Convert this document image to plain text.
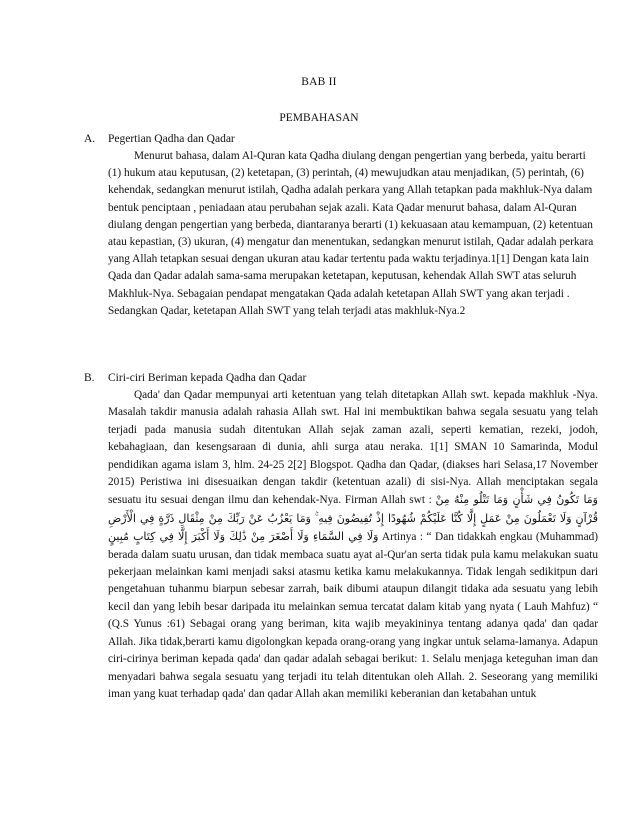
BAB II
PEMBAHASAN
A. Pegertian Qadha dan Qadar
Menurut bahasa, dalam Al-Quran kata Qadha diulang dengan pengertian yang berbeda, yaitu berarti (1) hukum atau keputusan, (2) ketetapan, (3) perintah, (4) mewujudkan atau menjadikan, (5) perintah, (6) kehendak, sedangkan menurut istilah, Qadha adalah perkara yang Allah tetapkan pada makhluk-Nya dalam bentuk penciptaan , peniadaan atau perubahan sejak azali. Kata Qadar menurut bahasa, dalam Al-Quran diulang dengan pengertian yang berbeda, diantaranya berarti (1) kekuasaan atau kemampuan, (2) ketentuan atau kepastian, (3) ukuran, (4) mengatur dan menentukan, sedangkan menurut istilah, Qadar adalah perkara yang Allah tetapkan sesuai dengan ukuran atau kadar tertentu pada waktu terjadinya.1[1] Dengan kata lain Qada dan Qadar adalah sama-sama merupakan ketetapan, keputusan, kehendak Allah SWT atas seluruh Makhluk-Nya. Sebagaian pendapat mengatakan Qada adalah ketetapan Allah SWT yang akan terjadi . Sedangkan Qadar, ketetapan Allah SWT yang telah terjadi atas makhluk-Nya.2
B. Ciri-ciri Beriman kepada Qadha dan Qadar
Qada' dan Qadar mempunyai arti ketentuan yang telah ditetapkan Allah swt. kepada makhluk -Nya. Masalah takdir manusia adalah rahasia Allah swt. Hal ini membuktikan bahwa segala sesuatu yang telah terjadi pada manusia sudah ditentukan Allah sejak zaman azali, seperti kematian, rezeki, jodoh, kebahagiaan, dan kesengsaraan di dunia, ahli surga atau neraka. 1[1] SMAN 10 Samarinda, Modul pendidikan agama islam 3, hlm. 24-25 2[2] Blogspot. Qadha dan Qadar, (diakses hari Selasa,17 November 2015) Peristiwa ini disesuaikan dengan takdir (ketentuan azali) di sisi-Nya. Allah menciptakan segala sesuatu itu sesuai dengan ilmu dan kehendak-Nya. Firman Allah swt : وَمَا تَكُونُ فِي شَأْنٍ وَمَا تَتْلُو مِنْهُ مِنْ قُرْآنٍ وَلَا تَعْمَلُونَ مِنْ عَمَلٍ إِلَّا كُنَّا عَلَيْكُمْ شُهُودًا إِذْ تُفِيضُونَ فِيهِ ۚ وَمَا يَعْزُبُ عَنْ رَبِّكَ مِنْ مِثْقَالِ ذَرَّةٍ فِي الْأَرْضِ وَلَا فِي السَّمَاءِ وَلَا أَصْغَرَ مِنْ ذَٰلِكَ وَلَا أَكْبَرَ إِلَّا فِي كِتَابٍ مُبِينٍ Artinya : “ Dan tidakkah engkau (Muhammad) berada dalam suatu urusan, dan tidak membaca suatu ayat al-Qur'an serta tidak pula kamu melakukan suatu pekerjaan melainkan kami menjadi saksi atasmu ketika kamu melakukannya. Tidak lengah sedikitpun dari pengetahuan tuhanmu biarpun sebesar zarrah, baik dibumi ataupun dilangit tidaka ada sesuatu yang lebih kecil dan yang lebih besar daripada itu melainkan semua tercatat dalam kitab yang nyata ( Lauh Mahfuz) “ (Q.S Yunus :61) Sebagai orang yang beriman, kita wajib meyakininya tentang adanya qada' dan qadar Allah. Jika tidak,berarti kamu digolongkan kepada orang-orang yang ingkar untuk selama-lamanya. Adapun ciri-cirinya beriman kepada qada' dan qadar adalah sebagai berikut: 1. Selalu menjaga keteguhan iman dan menyadari bahwa segala sesuatu yang terjadi itu telah ditentukan oleh Allah. 2. Seseorang yang memiliki iman yang kuat terhadap qada' dan qadar Allah akan memiliki keberanian dan ketabahan untuk
